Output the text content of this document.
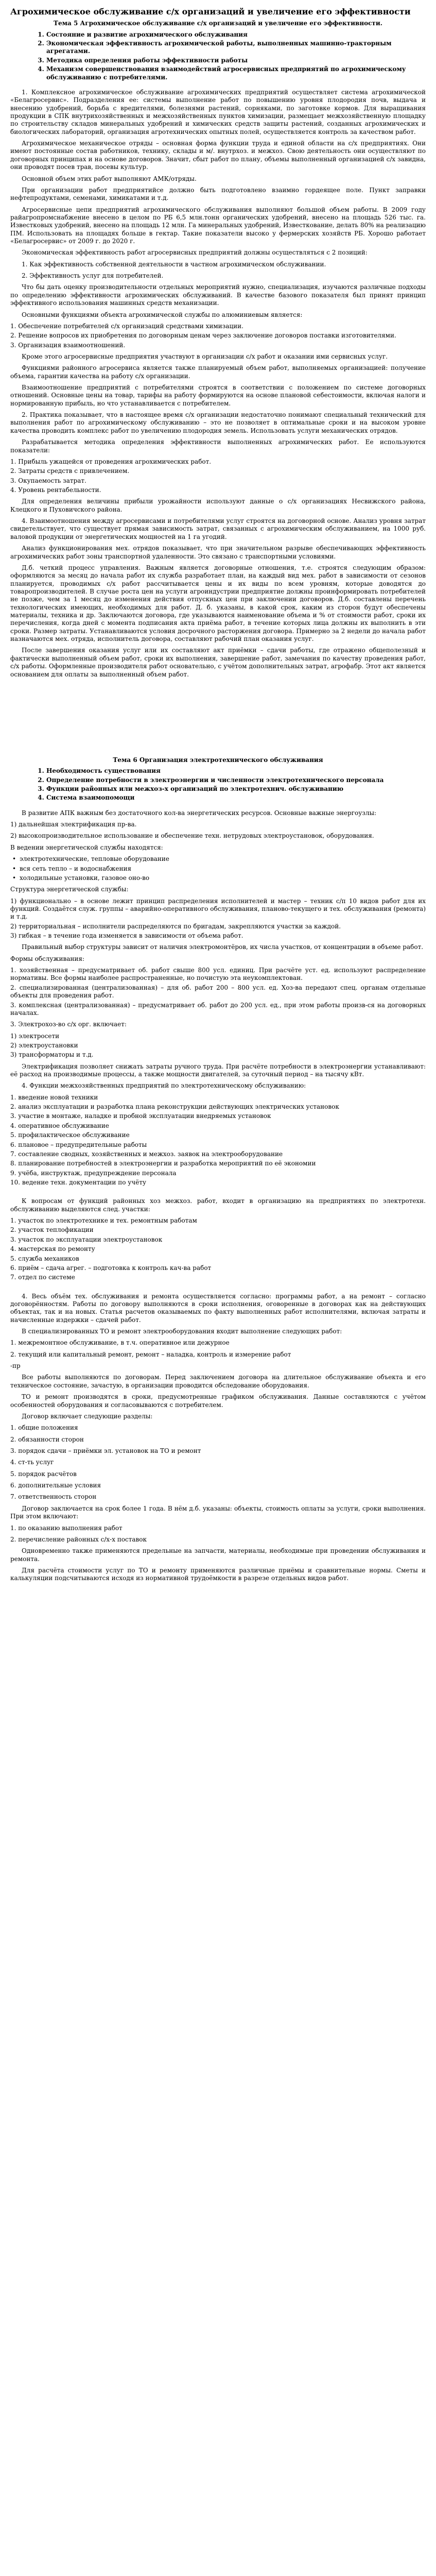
Агрохимическое обслуживание с/х организаций и увеличение его эффективности
Тема 5 Агрохимическое обслуживание с/х организаций и увеличение его эффективности.
1. Состояние и развитие агрохимического обслуживания
2. Экономическая эффективность агрохимической работы, выполненных машинно-тракторным агрегатами.
3. Методика определения работы эффективности работы
4. Механизм совершенствования взаимодействий агросервисных предприятий по агрохимическому обслуживанию с потребителями.

1. Комплексное агрохимическое обслуживание агрохимических предприятий осуществляет система агрохимической «Белагросервис». Подразделения ее: системы выполнение работ по повышению уровня плодородия почв, выдача и внесению удобрений, борьба с вредителями, болезнями растений, сорняками, по заготовке кормов. Для выращивания продукции в СПК внутрихозяйственных и межхозяйственных пунктов химизации, размещает межхозяйственную площадку по строительству складов минеральных удобрений и химических средств защиты растений, созданных агрохимических и биологических лабораторий, организация агротехнических опытных полей, осуществляется контроль за качеством работ.

Агрохимическое механическое отряды – основная форма функции труда и единой области на с/х предприятиях. Они имеют постоянные состав работников, технику, склады и м/. внутрхоз. и межхоз. Свою деятельность они осуществляют по договорных принципах и на основе договоров. Значит, сбыт работ по плану, объемы выполненный организацией с/х завидна, они проводят посев трав, посевы культур.

Основной объем этих работ выполняют АМК/отряды.

При организации работ предприятийсе должно быть подготовлено взаимно гордеящее поле. Пункт заправки нефтепродуктами, семенами, химикатами и т.д.

Агросервисные цепи предприятий агрохимического обслуживания выполняют большой объем работы. В 2009 году райагропромснабжение внесено в целом по РБ 6,5 млн.тонн органических удобрений, внесено на площадь 526 тыс. га. Известковых удобрений, внесено на площадь 12 млн. Га минеральных удобрений, Известкование, делать 80% на реализацию ПМ. Использовать на площадях больше в гектар. Такие показатели высоко у фермерских хозяйств РБ. Хорошо работает «Белагросервис» от 2009 г. до 2020 г.

Экономическая эффективность работ агросервисных предприятий должны осуществляться с 2 позиций:

1. Как эффективность собственной деятельности в частном агрохимическом обслуживании.

2. Эффективность услуг для потребителей.

Что бы дать оценку производительности отдельных мероприятий нужно, специализация, изучаются различные подходы по определению эффективности агрохимических обслуживаний. В качестве базового показателя был принят принцип эффективного использования машинных средств механизации.

Основными функциями объекта агрохимической службы по алюминиевым является:

1. Обеспечение потребителей с/х организаций средствами химизации.
2. Решение вопросов их приобретения по договорным ценам через заключение договоров поставки изготовителями.
3. Организация взаимоотношений.

Кроме этого агросервисные предприятия участвуют в организации с/х работ и оказании ими сервисных услуг.

Функциями районного агросервиса является также планируемый объем работ, выполняемых организацией: получение объема, гарантии качества на работу с/х организации.

Взаимоотношение предприятий с потребителями строятся в соответствии с положением по системе договорных отношений. Основные цены на товар, тарифы на работу формируются на основе плановой себестоимости, включая налоги и нормированную прибыль, но что устанавливается с потребителем.

2. Практика показывает, что в настоящее время с/х организации недостаточно понимают специальный технический для выполнения работ по агрохимическому обслуживанию – это не позволяет в оптимальные сроки и на высоком уровне качества проводить комплекс работ по увеличению плодородия земель. Использовать услуги механических отрядов.

Разрабатывается методика определения эффективности выполненных агрохимических работ. Ее используются показатели:

1. Прибыль ужащейся от проведения агрохимических работ.
2. Затраты средств с привлечением.
3. Окупаемость затрат.
4. Уровень рентабельности.

Для определения величины прибыли урожайности используют данные о с/х организациях Несвижского района, Клецкого и Пуховичского района.

4. Взаимоотношения между агросервисами и потребителями услуг строятся на договорной основе. Анализ уровня затрат свидетельствует, что существует прямая зависимость затрат, связанных с агрохимическим обслуживанием, на 1000 руб. валовой продукции от энергетических мощностей на 1 га угодий.

Анализ функционирования мех. отрядов показывает, что при значительном разрыве обеспечивающих эффективность агрохимических работ зоны транспортной удаленности. Это связано с транспортными условиями.

Д.б. четкий процесс управления. Важным является договорные отношения, т.е. строятся следующим образом: оформляются за месяц до начала работ их служба разработает план, на каждый вид мех. работ в зависимости от сезонов планируется, проводимых с/х работ рассчитывается цены и их виды по всем уровням, которые доводятся до товаропроизводителей. В случае роста цен на услуги агроиндустрии предприятие должны проинформировать потребителей не позже, чем за 1 месяц до изменения действия отпускных цен при заключении договоров. Д.б. составлены перечень технологических имеющих, необходимых для работ. Д. б. указаны, в какой срок, каким из сторон будут обеспечены материалы, техника и др. Заключаются договора, где указываются наименование объема и % от стоимости работ, сроки их перечисления, когда дней с момента подписания акта приёма работ, в течение которых лица должны их выполнить в эти сроки. Размер затраты. Устанавливаются условия досрочного расторжения договора. Примерно за 2 недели до начала работ назначаются мех. отряда, исполнитель договора, составляют рабочий план оказания услуг.

После завершения оказания услуг или их составляют акт приёмки – сдачи работы, где отражено общеполезный и фактически выполненный объем работ, сроки их выполнения, завершение работ, замечания по качеству проведения работ, с/х работы. Оформленные производителя работ основательно, с учётом дополнительных затрат, агрофабр. Этот акт является основанием для оплаты за выполненный объем работ.

Тема 6 Организация электротехнического обслуживания
1. Необходимость существования
2. Определение потребности в электроэнергии и численности электротехнического персонала
3. Функции районных или межхоз-х организаций по электротехнич. обслуживанию
4. Система взаимопомощи

В развитие АПК важным без достаточного кол-ва энергетических ресурсов. Основные важные энергоузлы:

1) дальнейшая электрификация пр-ва.

2) высокопроизводительное использование и обеспечение техн. нетрудовых электроустановок, оборудования.

В ведении энергетической службы находятся:

• электротехнические, тепловые оборудование
• вся сеть тепло – и водоснабжения
• холодильные установки, газовое оно-во

Структура энергетической службы:

1) функционально – в основе лежит принцип распределения исполнителей и мастер – техник с/п 10 видов работ для их функций. Создаётся служ. группы – аварийно-оперативного обслуживания, планово-текущего и тех. обслуживания (ремонта) и т.д.
2) территориальная – исполнители распределяются по бригадам, закрепляются участки за каждой.
3) гибкая – в течение года изменяется в зависимости от объема работ.

Правильный выбор структуры зависит от наличия электромонтёров, их числа участков, от концентрации в объеме работ.

Формы обслуживания:

1. хозяйственная – предусматривает об. работ свыше 800 усл. единиц. При расчёте уст. ед. используют распределение нормативы. Все формы наиболее распространенные, но почистую эта неукомплектован.
2. специализированная (централизованная) – для об. работ 200 – 800 усл. ед. Хоз-ва передают спец. органам отдельные объекты для проведения работ.
3. комплексная (централизованная) – предусматривает об. работ до 200 усл. ед., при этом работы произв-ся на договорных началах.

3. Электрохоз-во с/х орг. включает:

1) электросети
2) электроустановки
3) трансформаторы и т.д.

Электрификация позволяет снижать затраты ручного труда. При расчёте потребности в электроэнергии устанавливают: её расход на производимые процессы, а также мощности двигателей, за суточный период – на тысячу кВт.

4. Функции межхозяйственных предприятий по электротехническому обслуживанию:

1. введение новой техники
2. анализ эксплуатации и разработка плана реконструкции действующих электрических установок
3. участие в монтаже, наладке и пробной эксплуатации внедряемых установок
4. оперативное обслуживание
5. профилактическое обслуживание
6. плановое – предупредительные работы
7. составление сводных, хозяйственных и межхоз. заявок на электрооборудование
8. планирование потребностей в электроэнергии и разработка мероприятий по её экономии
9. учёба, инструктаж, предупреждение персонала
10. ведение техн. документации по учёту

К вопросам от функций районных хоз межхоз. работ, входит в организацию на предприятиях по электротехн. обслуживанию выделяются след. участки:

1. участок по электротехнике и тех. ремонтным работам
2. участок теплофикации
3. участок по эксплуатации электроустановок
4. мастерская по ремонту
5. служба механиков
6. приём – сдача агрег. – подготовка к контроль кач-ва работ
7. отдел по системе

4. Весь объём тех. обслуживания и ремонта осуществляется согласно: программы работ, а на ремонт – согласно договорённостям. Работы по договору выполняются в сроки исполнения, оговоренные в договорах как на действующих объектах, так и на новых. Статья расчетов оказываемых по факту выполненных работ исполнителями, включая затраты и начисленные издержки – сдачей работ.

В специализированных ТО и ремонт электрооборудования входит выполнение следующих работ:

1. межремонтное обслуживание, в т.ч. оперативное или дежурное

2. текущий или капитальный ремонт, ремонт – наладка, контроль и измерение работ

-пр

Все работы выполняются по договорам. Перед заключением договора на длительное обслуживание объекта и его техническое состояние, зачастую, в организации проводится обследование оборудования.

ТО и ремонт производятся в сроки, предусмотренные графиком обслуживания. Данные составляются с учётом особенностей оборудования и согласовываются с потребителем.

Договор включает следующие разделы:

1. общие положения

2. обязанности сторон

3. порядок сдачи – приёмки эл. установок на ТО и ремонт

4. ст-ть услуг

5. порядок расчётов

6. дополнительные условия

7. ответственность сторон

Договор заключается на срок более 1 года. В нём д.б. указаны: объекты, стоимость оплаты за услуги, сроки выполнения. При этом включают:

1. по оказанию выполнения работ

2. перечисление районных с/х-х поставок

Одновременно также применяются предельные на запчасти, материалы, необходимые при проведении обслуживания и ремонта.

Для расчёта стоимости услуг по ТО и ремонту применяются различные приёмы и сравнительные нормы. Сметы и калькуляции подсчитываются исходя из нормативной трудоёмкости в разрезе отдельных видов работ.
